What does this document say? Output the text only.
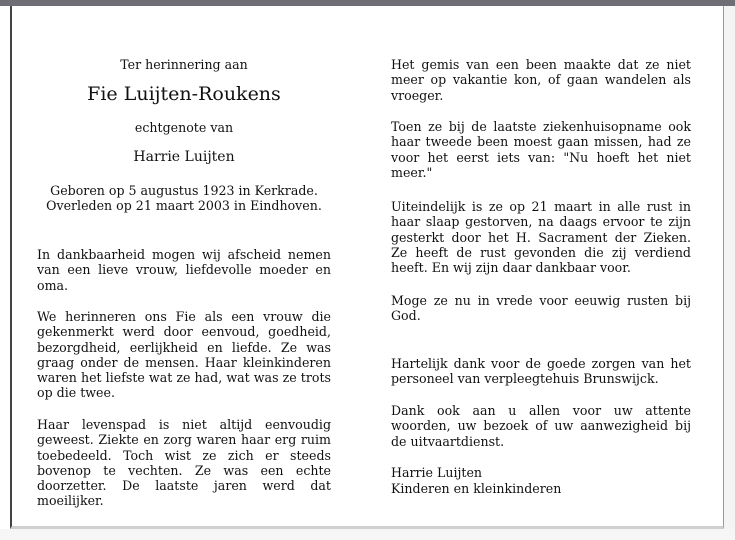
Ter herinnering aan
Fie Luijten-Roukens
echtgenote van
Harrie Luijten
Geboren op 5 augustus 1923 in Kerkrade.
Overleden op 21 maart 2003 in Eindhoven.

In dankbaarheid mogen wij afscheid nemen van een lieve vrouw, liefdevolle moeder en oma.

We herinneren ons Fie als een vrouw die gekenmerkt werd door eenvoud, goedheid, bezorgdheid, eerlijkheid en liefde. Ze was graag onder de mensen. Haar kleinkinderen waren het liefste wat ze had, wat was ze trots op die twee.

Haar levenspad is niet altijd eenvoudig geweest. Ziekte en zorg waren haar erg ruim toebedeeld. Toch wist ze zich er steeds bovenop te vechten. Ze was een echte doorzetter. De laatste jaren werd dat moeilijker.

Het gemis van een been maakte dat ze niet meer op vakantie kon, of gaan wandelen als vroeger.

Toen ze bij de laatste ziekenhuisopname ook haar tweede been moest gaan missen, had ze voor het eerst iets van: "Nu hoeft het niet meer."

Uiteindelijk is ze op 21 maart in alle rust in haar slaap gestorven, na daags ervoor te zijn gesterkt door het H. Sacrament der Zieken. Ze heeft de rust gevonden die zij verdiend heeft. En wij zijn daar dankbaar voor.

Moge ze nu in vrede voor eeuwig rusten bij God.

Hartelijk dank voor de goede zorgen van het personeel van verpleegtehuis Brunswijck.

Dank ook aan u allen voor uw attente woorden, uw bezoek of uw aanwezigheid bij de uitvaartdienst.

Harrie Luijten
Kinderen en kleinkinderen
